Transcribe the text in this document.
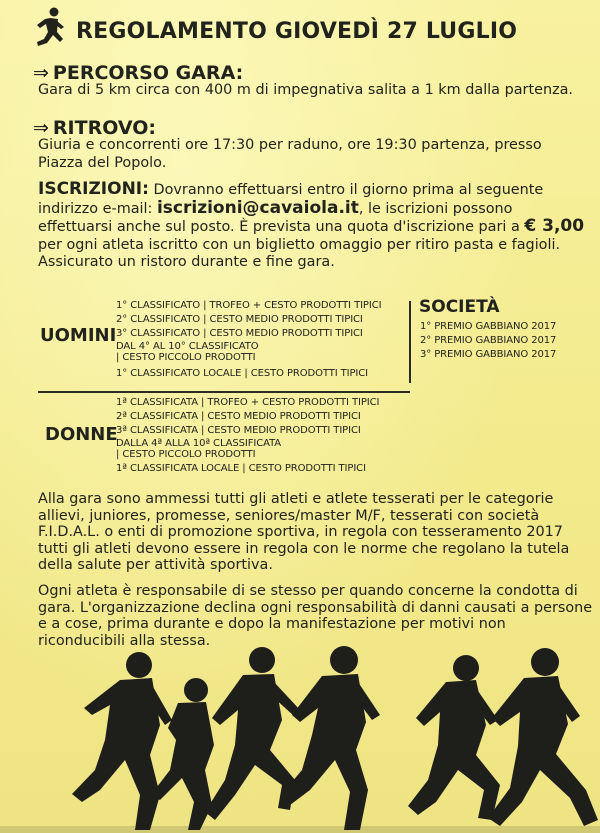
REGOLAMENTO GIOVEDÌ 27 LUGLIO
⇒ PERCORSO GARA:
Gara di 5 km circa con 400 m di impegnativa salita a 1 km dalla partenza.
⇒ RITROVO:
Giuria e concorrenti ore 17:30 per raduno, ore 19:30 partenza, presso Piazza del Popolo.
ISCRIZIONI: Dovranno effettuarsi entro il giorno prima al seguente indirizzo e-mail: iscrizioni@cavaiola.it, le iscrizioni possono effettuarsi anche sul posto. È prevista una quota d'iscrizione pari a € 3,00 per ogni atleta iscritto con un biglietto omaggio per ritiro pasta e fagioli. Assicurato un ristoro durante e fine gara.
UOMINI
1° CLASSIFICATO | TROFEO + CESTO PRODOTTI TIPICI
2° CLASSIFICATO | CESTO MEDIO PRODOTTI TIPICI
3° CLASSIFICATO | CESTO MEDIO PRODOTTI TIPICI
DAL 4° AL 10° CLASSIFICATO
| CESTO PICCOLO PRODOTTI
1° CLASSIFICATO LOCALE | CESTO PRODOTTI TIPICI
SOCIETÀ
1° PREMIO GABBIANO 2017
2° PREMIO GABBIANO 2017
3° PREMIO GABBIANO 2017
DONNE
1ª CLASSIFICATA | TROFEO + CESTO PRODOTTI TIPICI
2ª CLASSIFICATA | CESTO MEDIO PRODOTTI TIPICI
3ª CLASSIFICATA | CESTO MEDIO PRODOTTI TIPICI
DALLA 4ª ALLA 10ª CLASSIFICATA
| CESTO PICCOLO PRODOTTI
1ª CLASSIFICATA LOCALE | CESTO PRODOTTI TIPICI
Alla gara sono ammessi tutti gli atleti e atlete tesserati per le categorie allievi, juniores, promesse, seniores/master M/F, tesserati con società F.I.D.A.L. o enti di promozione sportiva, in regola con tesseramento 2017 tutti gli atleti devono essere in regola con le norme che regolano la tutela della salute per attività sportiva.
Ogni atleta è responsabile di se stesso per quando concerne la condotta di gara. L'organizzazione declina ogni responsabilità di danni causati a persone e a cose, prima durante e dopo la manifestazione per motivi non riconducibili alla stessa.
